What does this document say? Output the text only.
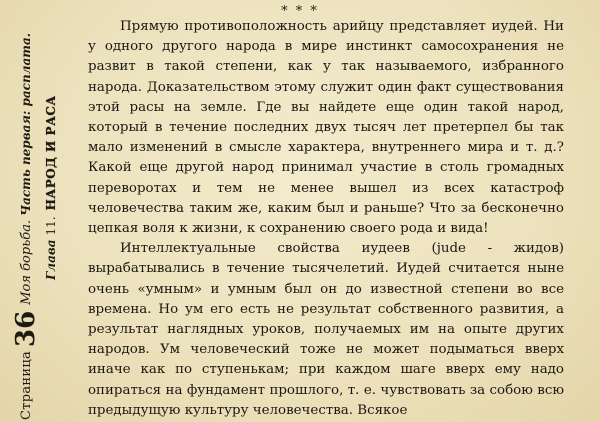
Страница
36
Моя борьба.
Часть первая: расплата.
Глава
11.
НАРОД И РАСА
* * *

Прямую противоположность арийцу представляет иудей. Ни у одного другого народа в мире инстинкт самосохранения не развит в такой степени, как у так называемого, избранного народа. Доказательством этому служит один факт существования этой расы на земле. Где вы найдете еще один такой народ, который в течение последних двух тысяч лет претерпел бы так мало изменений в смысле характера, внутреннего мира и т. д.? Какой еще другой народ принимал участие в столь громадных переворотах и тем не менее вышел из всех катастроф человечества таким же, каким был и раньше? Что за бесконечно цепкая воля к жизни, к сохранению своего рода и вида!

Интеллектуальные свойства иудеев (jude - жидов) вырабатывались в течение тысячелетий. Иудей считается ныне очень «умным» и умным был он до известной степени во все времена. Но ум его есть не результат собственного развития, а результат наглядных уроков, получаемых им на опыте других народов. Ум человеческий тоже не может подыматься вверх иначе как по ступенькам; при каждом шаге вверх ему надо опираться на фундамент прошлого, т. е. чувствовать за собою всю предыдущую культуру человечества. Всякое
